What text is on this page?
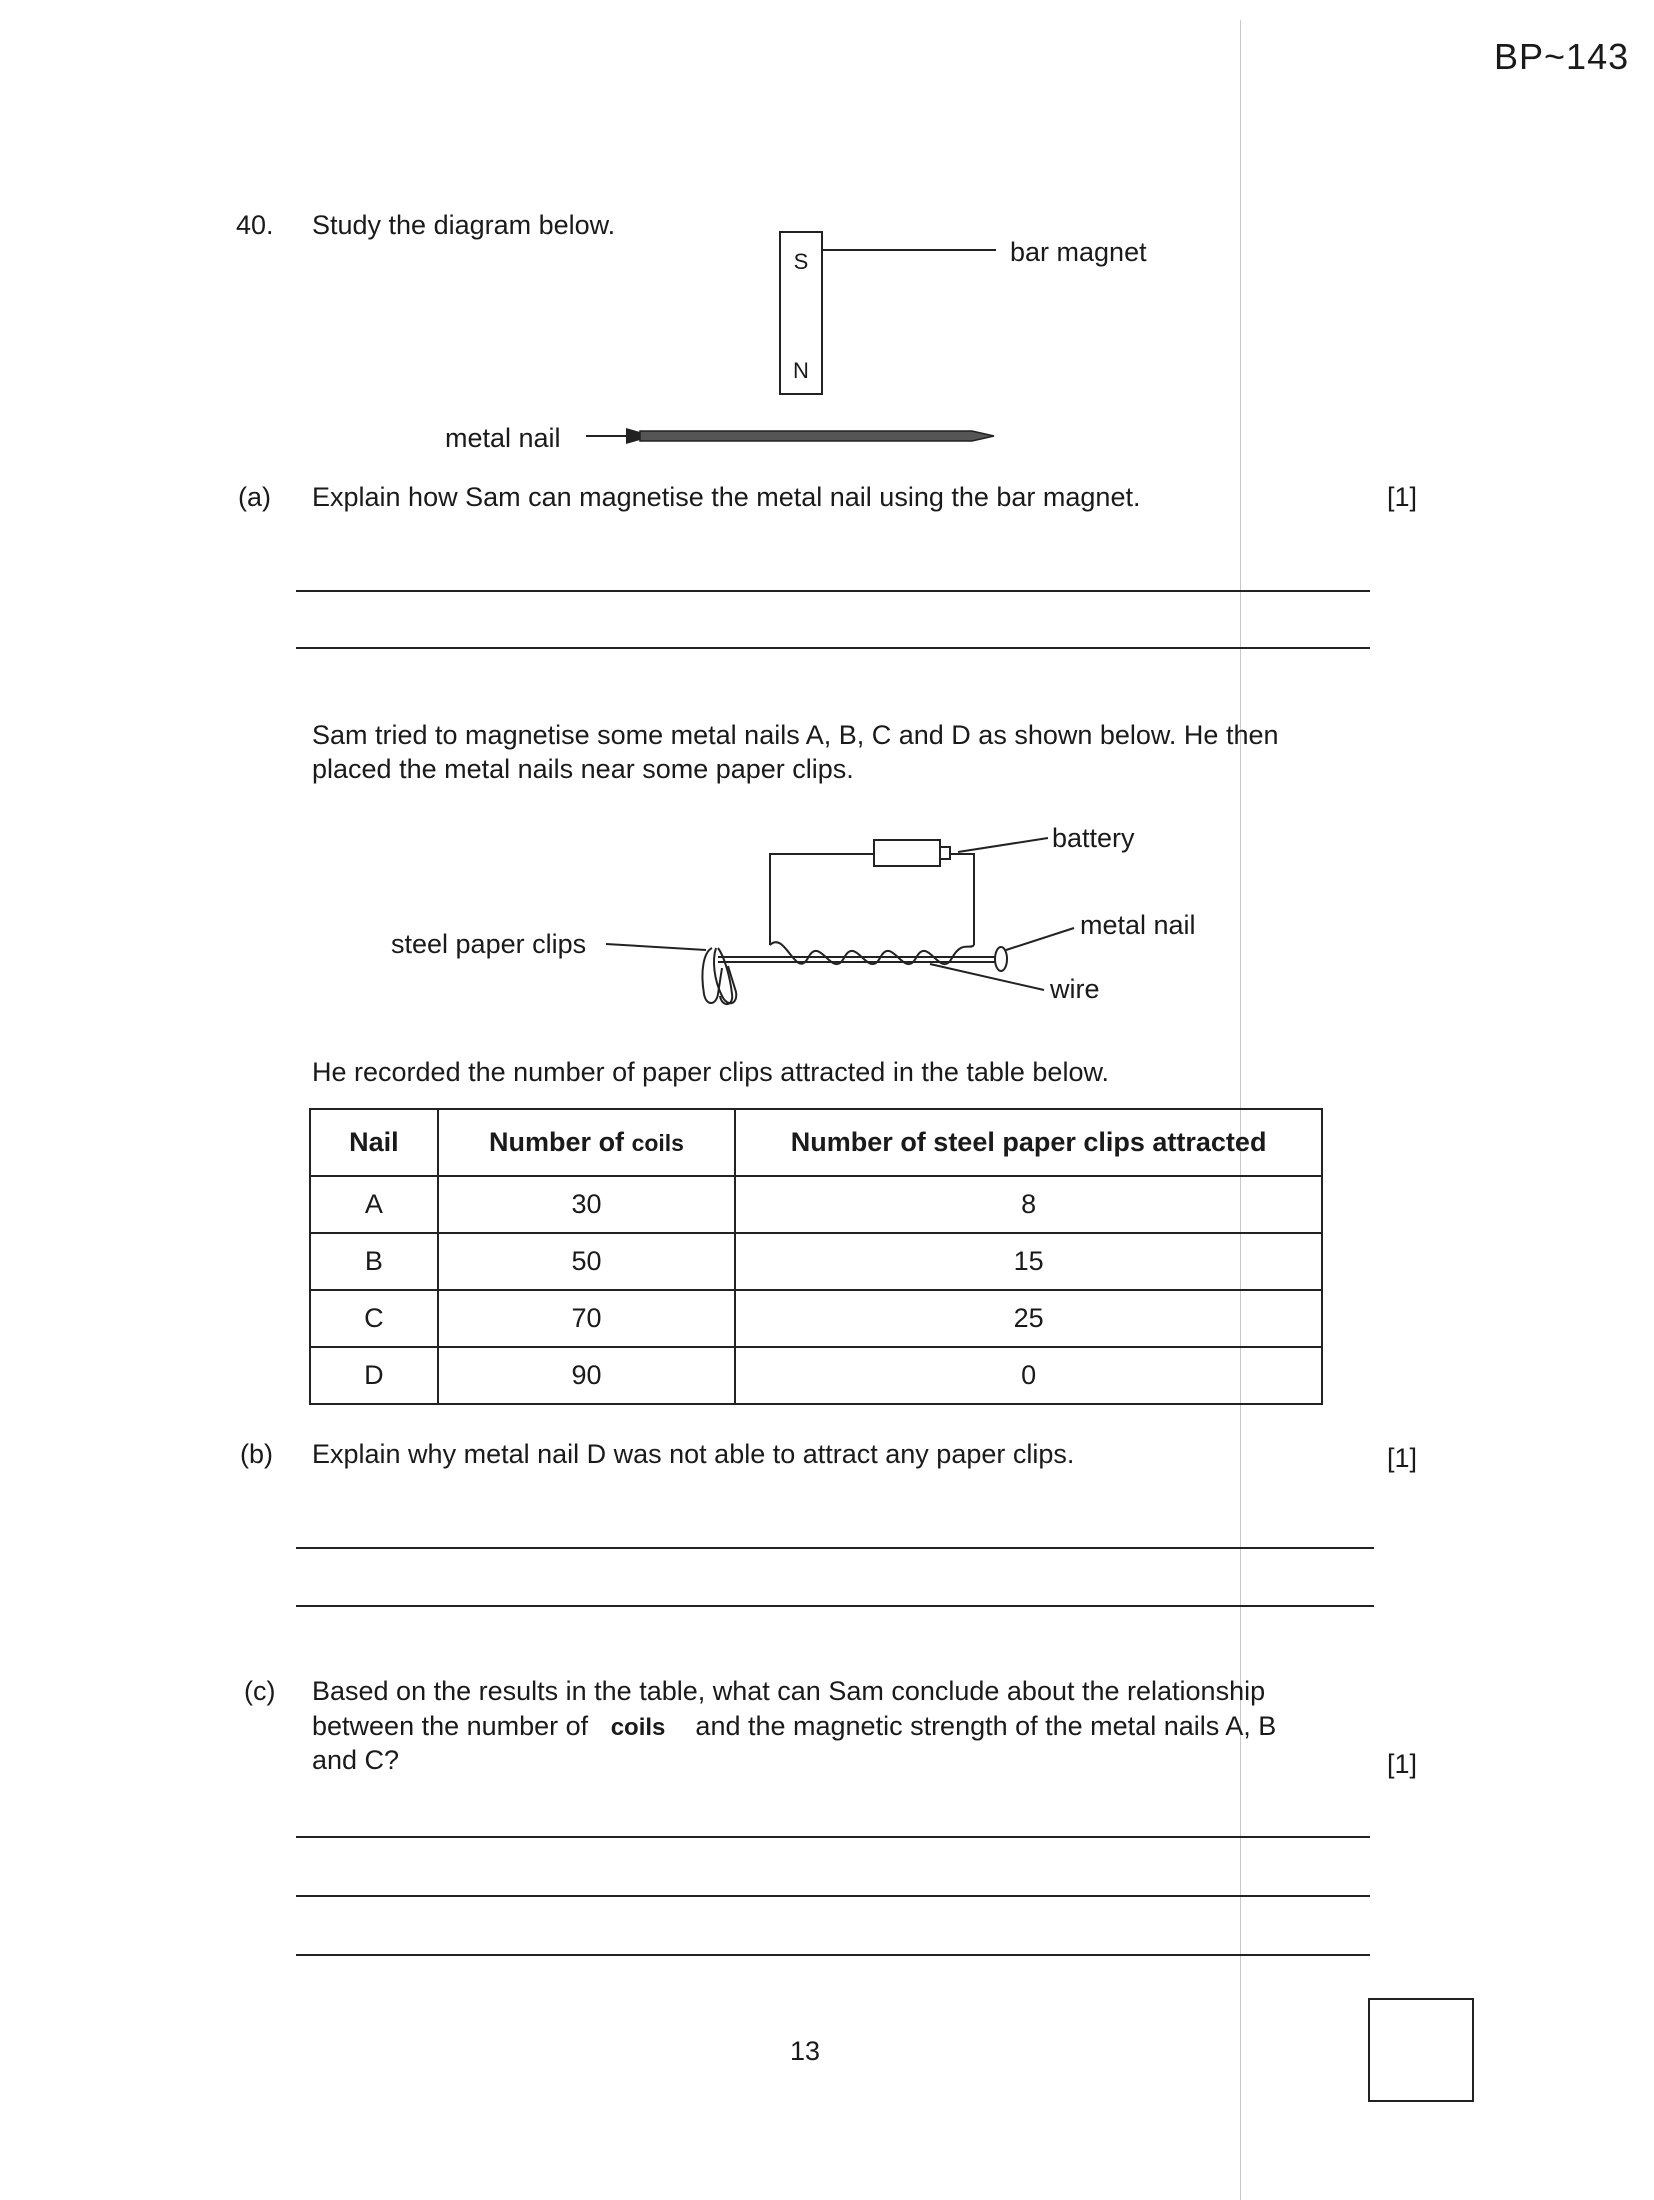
BP~143
40. Study the diagram below.
S
N
bar magnet
metal nail
(a) Explain how Sam can magnetise the metal nail using the bar magnet.	[1]
Sam tried to magnetise some metal nails A, B, C and D as shown below. He then
placed the metal nails near some paper clips.
battery
metal nail
wire
steel paper clips
He recorded the number of paper clips attracted in the table below.
Nail	Number of coils	Number of steel paper clips attracted
A	30	8
B	50	15
C	70	25
D	90	0
(b) Explain why metal nail D was not able to attract any paper clips.	[1]
(c) Based on the results in the table, what can Sam conclude about the relationship
between the number of coils and the magnetic strength of the metal nails A, B
and C?	[1]
13
